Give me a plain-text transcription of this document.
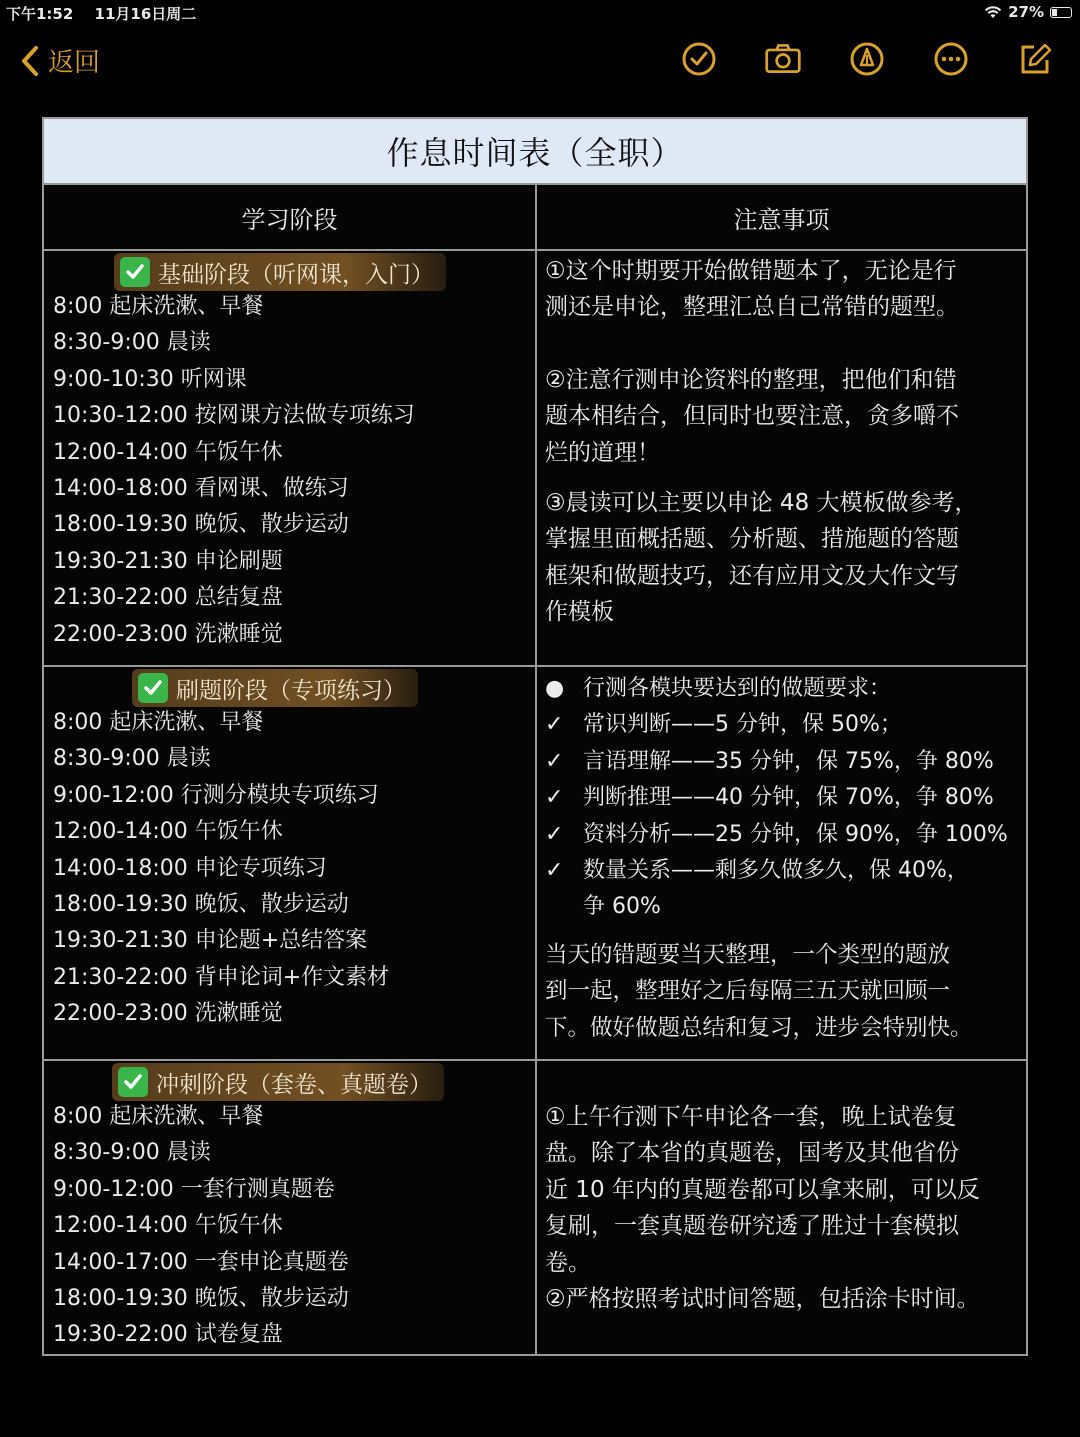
下午1:52 11月16日周二	27%
返回
作息时间表（全职）
学习阶段	注意事项
基础阶段（听网课，入门）
8:00 起床洗漱、早餐
8:30-9:00 晨读
9:00-10:30 听网课
10:30-12:00 按网课方法做专项练习
12:00-14:00 午饭午休
14:00-18:00 看网课、做练习
18:00-19:30 晚饭、散步运动
19:30-21:30 申论刷题
21:30-22:00 总结复盘
22:00-23:00 洗漱睡觉
①这个时期要开始做错题本了，无论是行
测还是申论，整理汇总自己常错的题型。
②注意行测申论资料的整理，把他们和错
题本相结合，但同时也要注意，贪多嚼不
烂的道理！
③晨读可以主要以申论 48 大模板做参考，
掌握里面概括题、分析题、措施题的答题
框架和做题技巧，还有应用文及大作文写
作模板
刷题阶段（专项练习）
8:00 起床洗漱、早餐
8:30-9:00 晨读
9:00-12:00 行测分模块专项练习
12:00-14:00 午饭午休
14:00-18:00 申论专项练习
18:00-19:30 晚饭、散步运动
19:30-21:30 申论题+总结答案
21:30-22:00 背申论词+作文素材
22:00-23:00 洗漱睡觉
● 行测各模块要达到的做题要求：
✓ 常识判断——5 分钟，保 50%；
✓ 言语理解——35 分钟，保 75%，争 80%
✓ 判断推理——40 分钟，保 70%，争 80%
✓ 资料分析——25 分钟，保 90%，争 100%
✓ 数量关系——剩多久做多久，保 40%，
争 60%
当天的错题要当天整理，一个类型的题放
到一起，整理好之后每隔三五天就回顾一
下。做好做题总结和复习，进步会特别快。
冲刺阶段（套卷、真题卷）
8:00 起床洗漱、早餐
8:30-9:00 晨读
9:00-12:00 一套行测真题卷
12:00-14:00 午饭午休
14:00-17:00 一套申论真题卷
18:00-19:30 晚饭、散步运动
19:30-22:00 试卷复盘
①上午行测下午申论各一套，晚上试卷复
盘。除了本省的真题卷，国考及其他省份
近 10 年内的真题卷都可以拿来刷，可以反
复刷，一套真题卷研究透了胜过十套模拟
卷。
②严格按照考试时间答题，包括涂卡时间。
